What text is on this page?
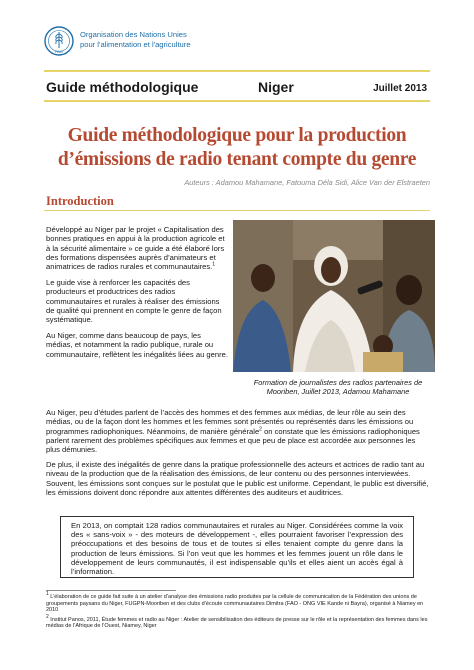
FAO
Organisation des Nations Unies
pour l'alimentation et l'agriculture
Guide méthodologique	Niger	Juillet 2013
Guide méthodologique pour la production
d’émissions de radio tenant compte du genre
Auteurs : Adamou Mahamane, Fatouma Déla Sidi, Alice Van der Elstraeten
Introduction

Développé au Niger par le projet « Capitalisation des bonnes pratiques en appui à la production agricole et à la sécurité alimentaire » ce guide a été élaboré lors des formations dispensées auprès d’animateurs et animatrices de radios rurales et communautaires.$^1$

Le guide vise à renforcer les capacités des producteurs et productrices des radios communautaires et rurales à réaliser des émissions de qualité qui prennent en compte le genre de façon systématique.

Au Niger, comme dans beaucoup de pays, les médias, et notamment la radio publique, rurale ou communautaire, reflètent les inégalités liées au genre.

Formation de journalistes des radios partenaires de Mooriben, Juillet 2013, Adamou Mahamane
Au Niger, peu d’études parlent de l’accès des hommes et des femmes aux médias, de leur rôle au sein des médias, ou de la façon dont les hommes et les femmes sont présentés ou représentés dans les émissions ou programmes radiophoniques. Néanmoins, de manière générale$^2$ on constate que les émissions radiophoniques parlent rarement des problèmes spécifiques aux femmes et que peu de place est accordée aux personnes les plus démunies.
De plus, il existe des inégalités de genre dans la pratique professionnelle des acteurs et actrices de radio tant au niveau de la production que de la réalisation des émissions, de leur contenu ou des personnes interviewées. Souvent, les émissions sont conçues sur le postulat que le public est uniforme. Cependant, le public est diversifié, les émissions doivent donc répondre aux attentes différentes des auditeurs et auditrices.
En 2013, on comptait 128 radios communautaires et rurales au Niger. Considérées comme la voix des « sans-voix » - des moteurs de développement -, elles pourraient favoriser l’expression des préoccupations et des besoins de tous et de toutes si elles tenaient compte du genre dans la production de leurs émissions. Si l’on veut que les hommes et les femmes jouent un rôle dans le développement de leurs communautés, il est indispensable qu’ils et elles aient un accès égal à l’information.

$^1$ L’élaboration de ce guide fait suite à un atelier d’analyse des émissions radio produites par la cellule de communication de la Fédération des unions de groupements paysans du Niger, FUGPN-Mooriben et des clubs d’écoute communautaires Dimitra (FAO - ONG VIE Kande ni Bayra), organisé à Niamey en 2010

$^2$ Institut Panos, 2011, Étude femmes et radio au Niger : Atelier de sensibilisation des éditeurs de presse sur le rôle et la représentation des femmes dans les médias de l’Afrique de l’Ouest, Niamey, Niger
